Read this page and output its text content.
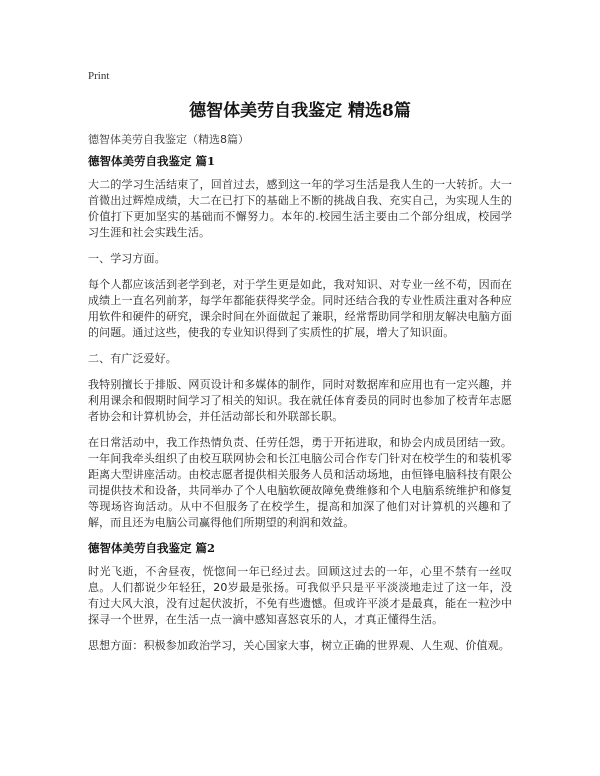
Print
德智体美劳自我鉴定 精选8篇

德智体美劳自我鉴定（精选8篇）

德智体美劳自我鉴定 篇1

大二的学习生活结束了，回首过去，感到这一年的学习生活是我人生的一大转折。大一首微出过辉煌成绩，大二在已打下的基础上不断的挑战自我、充实自己，为实现人生的价值打下更加坚实的基础而不懈努力。本年的.校园生活主要由二个部分组成，校园学习生涯和社会实践生活。

一、学习方面。

每个人都应该活到老学到老，对于学生更是如此，我对知识、对专业一丝不苟，因而在成绩上一直名列前茅，每学年都能获得奖学金。同时还结合我的专业性质注重对各种应用软件和硬件的研究，课余时间在外面做起了兼职，经常帮助同学和朋友解决电脑方面的问题。通过这些，使我的专业知识得到了实质性的扩展，增大了知识面。

二、有广泛爱好。

我特别擅长于排版、网页设计和多媒体的制作，同时对数据库和应用也有一定兴趣，并利用课余和假期时间学习了相关的知识。我在就任体育委员的同时也参加了校青年志愿者协会和计算机协会，并任活动部长和外联部长职。

在日常活动中，我工作热情负责、任劳任怨，勇于开拓进取，和协会内成员团结一致。一年间我牵头组织了由校互联网协会和长江电脑公司合作专门针对在校学生的和装机零距离大型讲座活动。由校志愿者提供相关服务人员和活动场地，由恒锋电脑科技有限公司提供技术和设备，共同举办了个人电脑软硬故障免费维修和个人电脑系统维护和修复等现场咨询活动。从中不但服务了在校学生，提高和加深了他们对计算机的兴趣和了解，而且还为电脑公司赢得他们所期望的利润和效益。

德智体美劳自我鉴定 篇2

时光飞逝，不舍昼夜，恍惚间一年已经过去。回顾这过去的一年，心里不禁有一丝叹息。人们都说少年轻狂，20岁最是张扬。可我似乎只是平平淡淡地走过了这一年，没有过大风大浪，没有过起伏波折，不免有些遗憾。但或许平淡才是最真，能在一粒沙中探寻一个世界，在生活一点一滴中感知喜怒哀乐的人，才真正懂得生活。

思想方面：积极参加政治学习，关心国家大事，树立正确的世界观、人生观、价值观。
